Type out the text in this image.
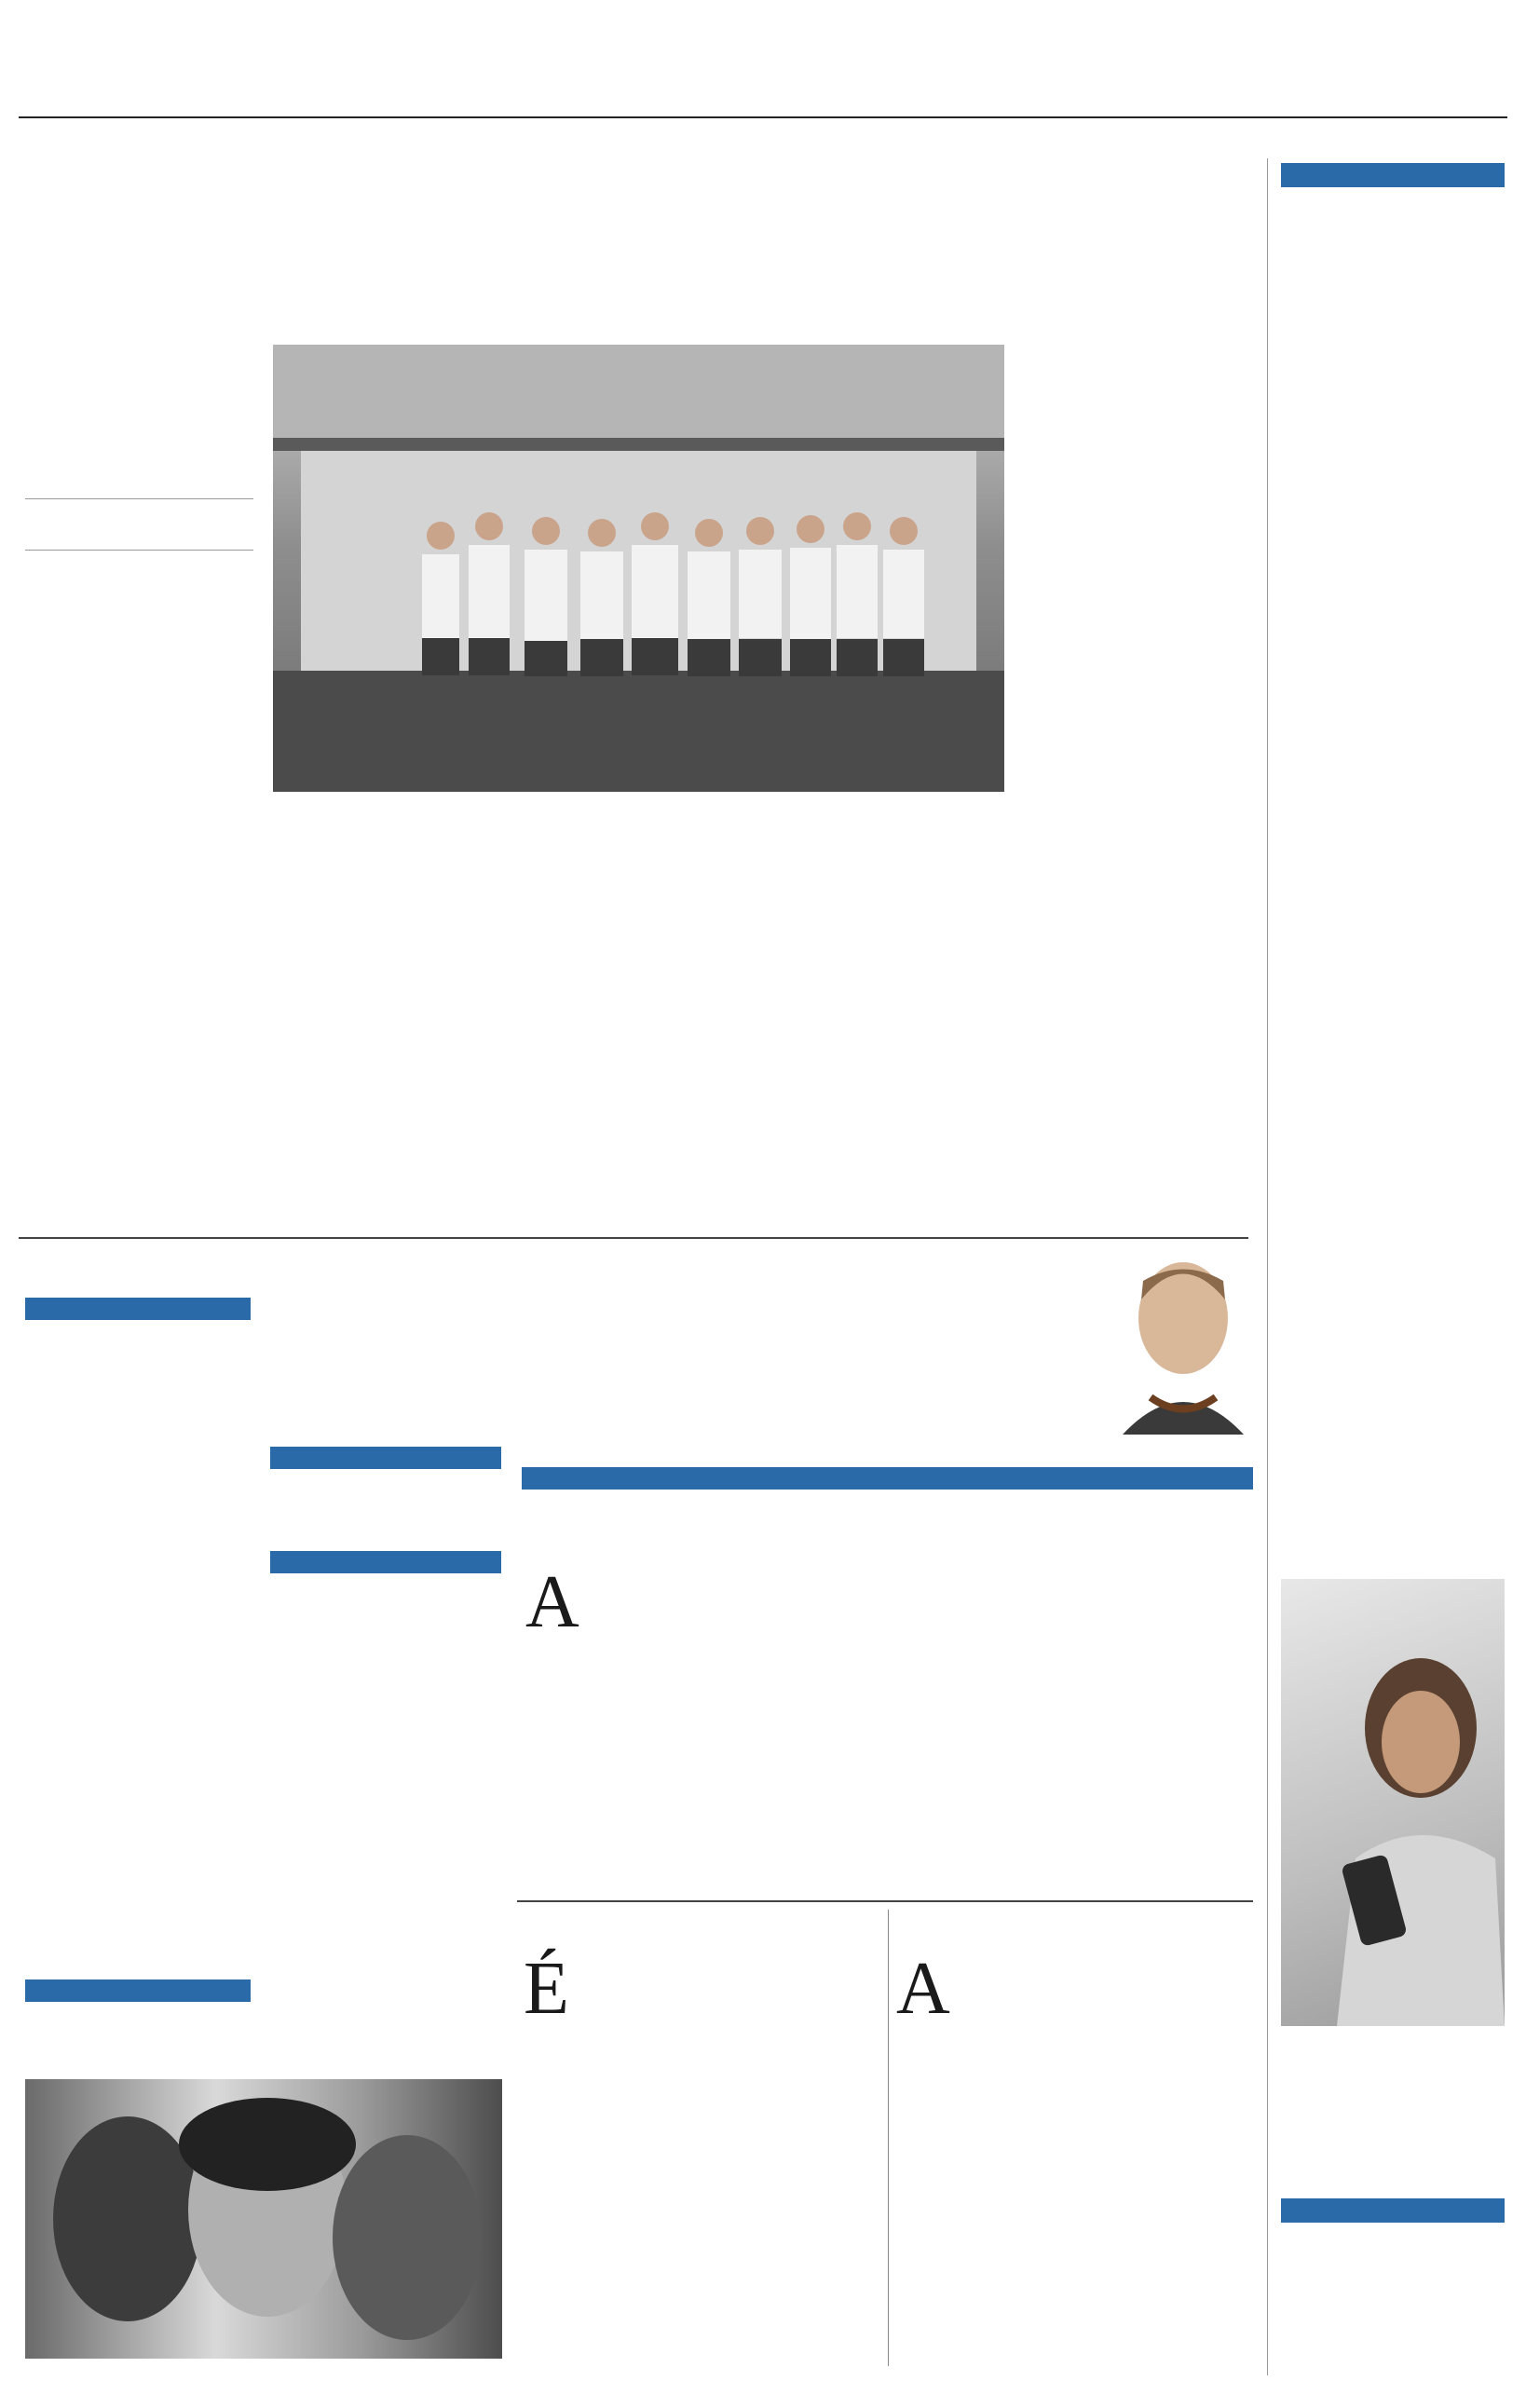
A
É	A
